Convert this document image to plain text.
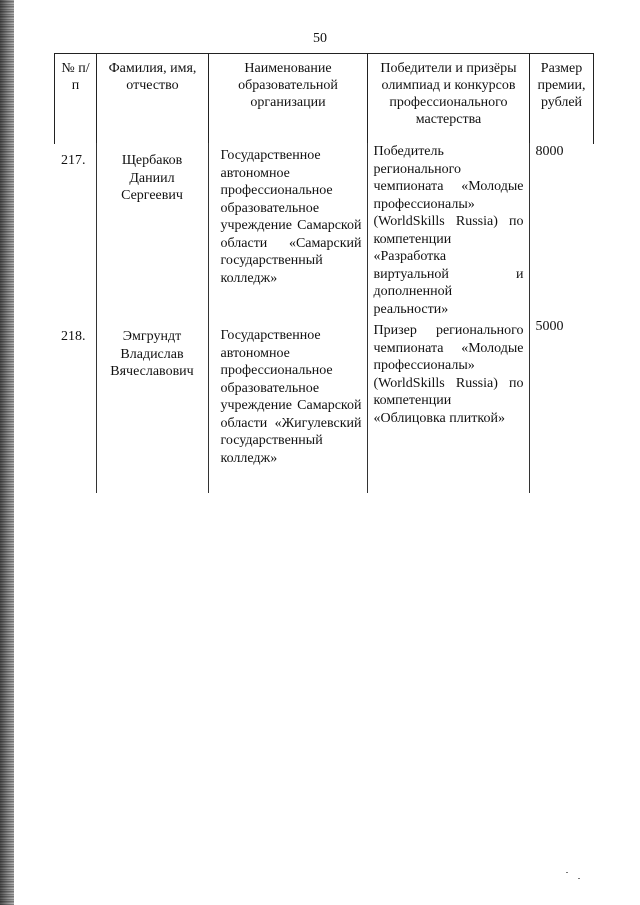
50
№ п/п	Фамилия, имя, отчество	Наименование образовательной организации	Победители и призёры олимпиад и конкурсов профессионального мастерства	Размер премии, рублей
217.	Щербаков Даниил Сергеевич	Государственное автономное профессиональное образовательное учреждение Самарской области «Самарский государственный колледж»	Победитель регионального чемпионата «Молодые профессионалы» (WorldSkills Russia) по компетенции «Разработка виртуальной и дополненной реальности»	8000
218.	Эмгрундт Владислав Вячеславович	Государственное автономное профессиональное образовательное учреждение Самарской области «Жигулевский государственный колледж»	Призер регионального чемпионата «Молодые профессионалы» (WorldSkills Russia) по компетенции «Облицовка плиткой»	5000
